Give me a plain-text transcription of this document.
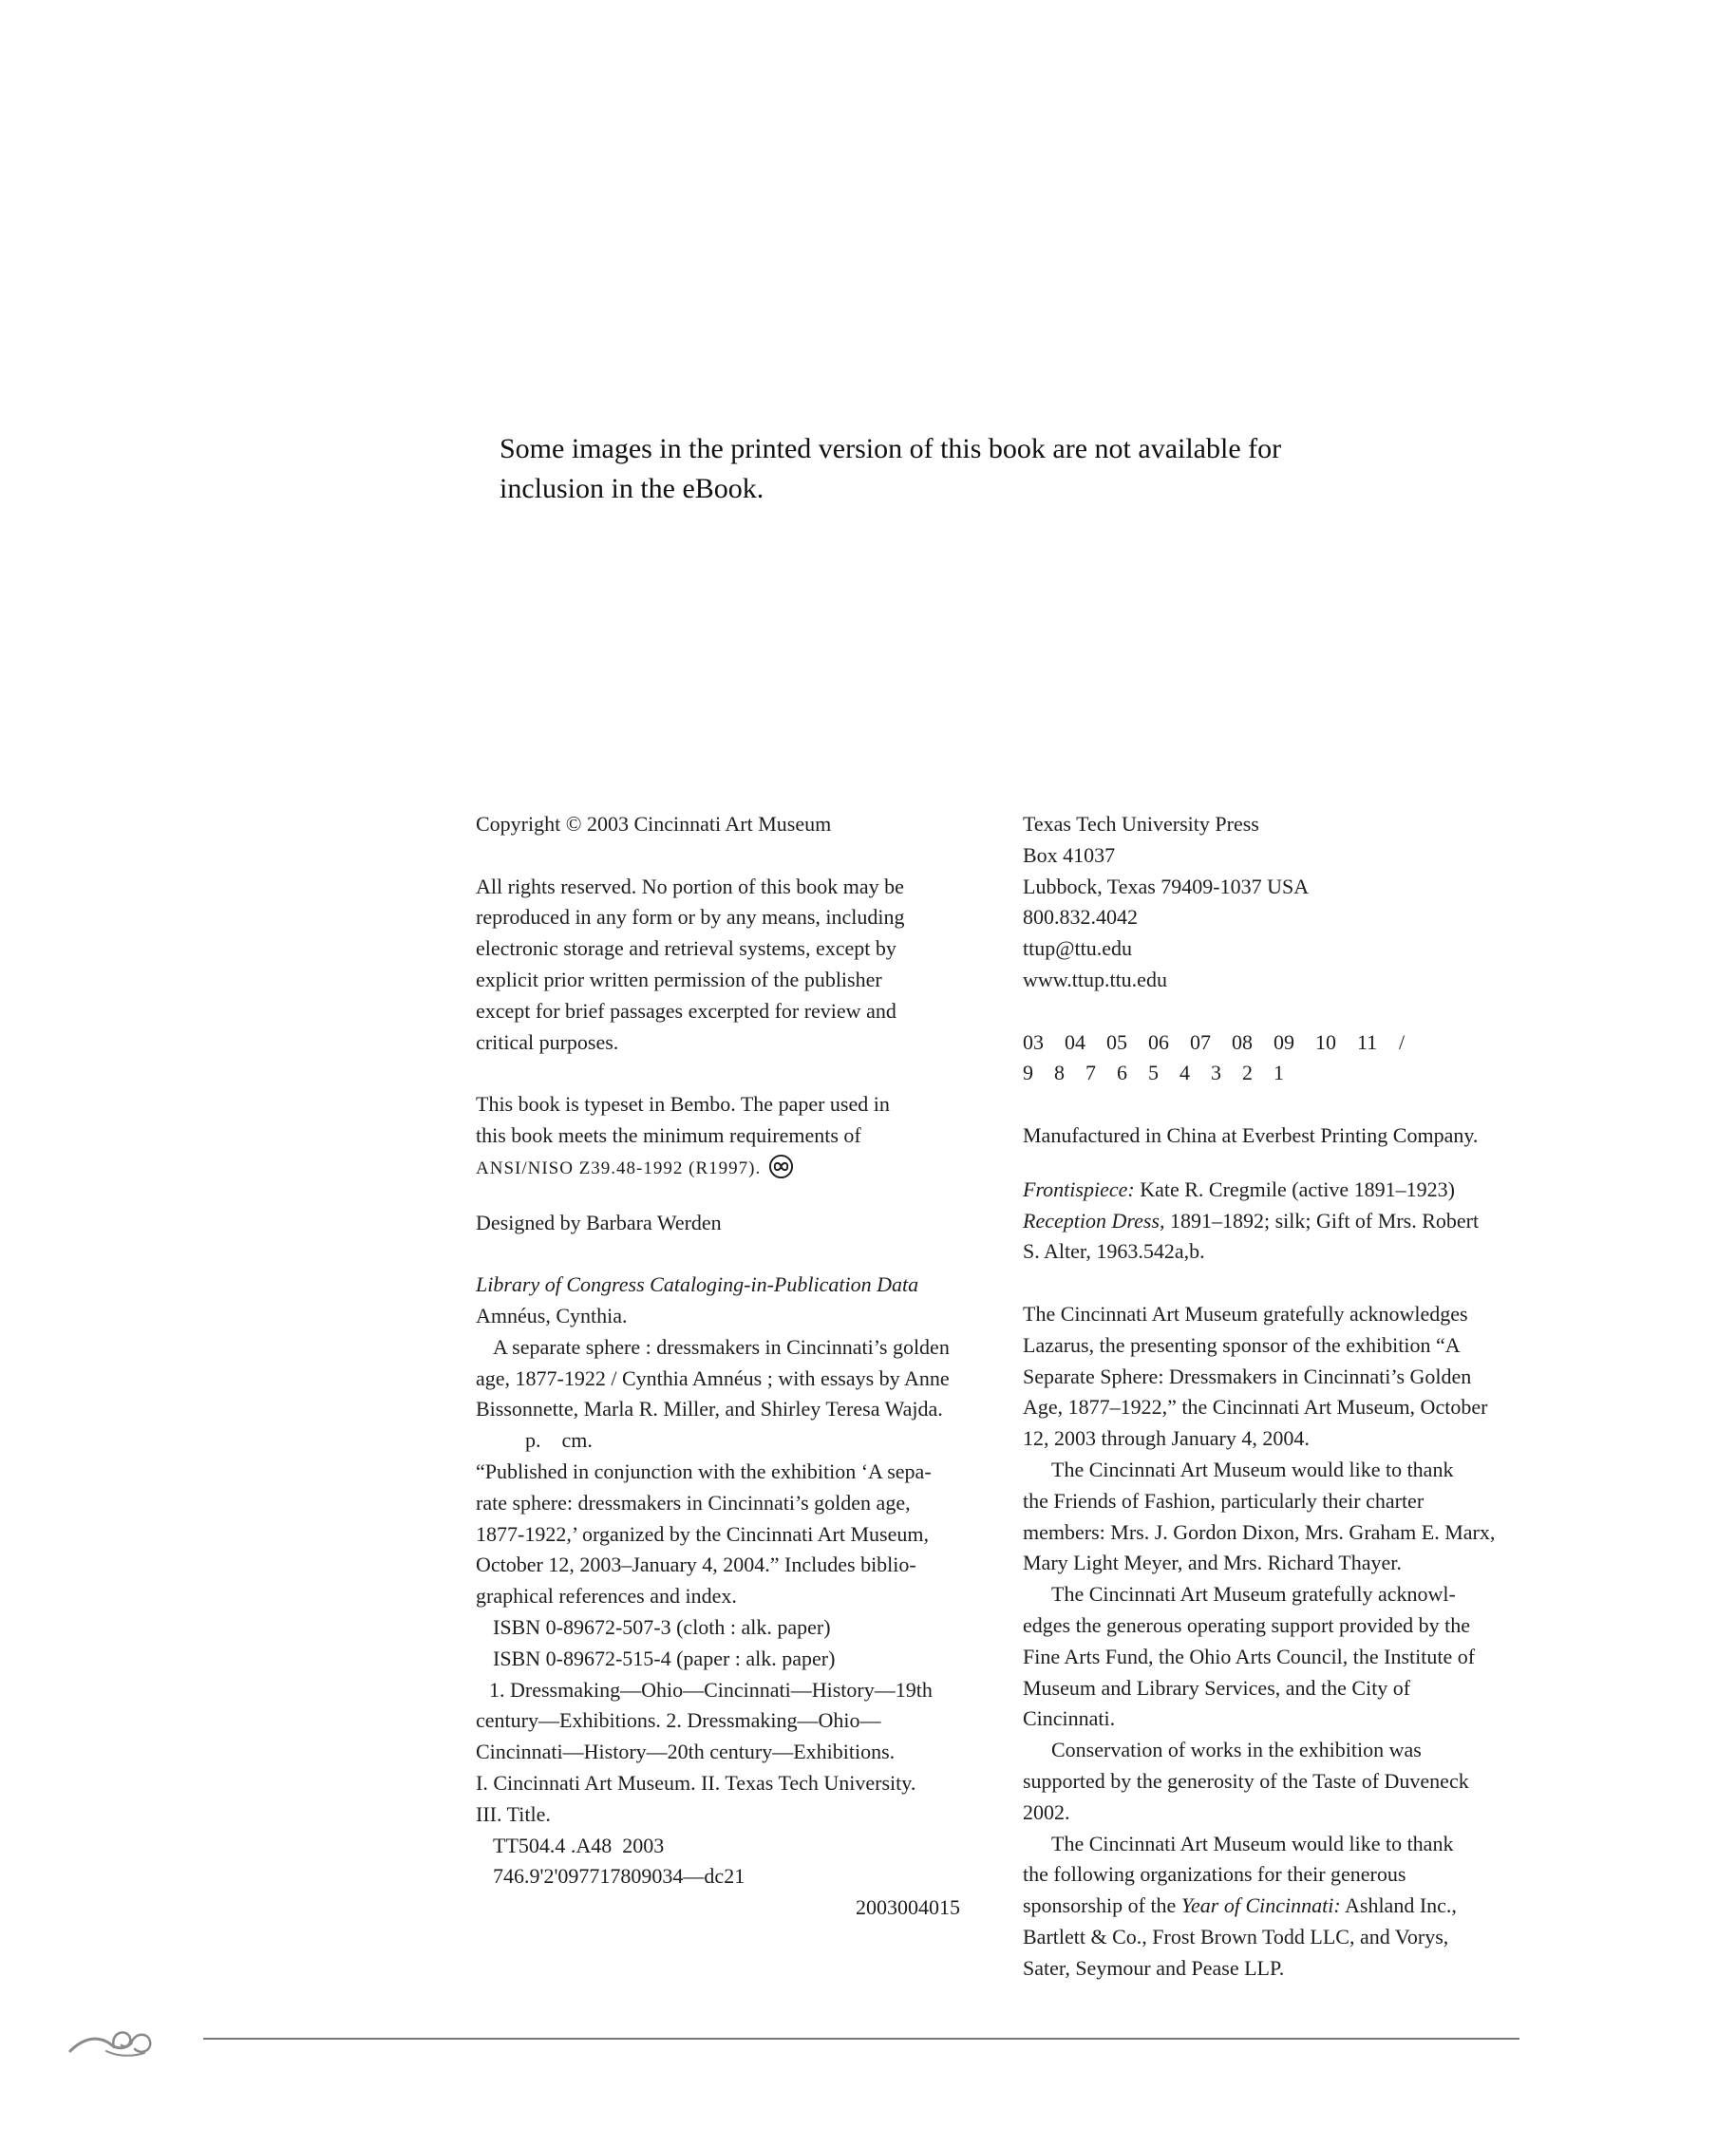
Some images in the printed version of this book are not available for
inclusion in the eBook.
Copyright © 2003 Cincinnati Art Museum
All rights reserved. No portion of this book may be
reproduced in any form or by any means, including
electronic storage and retrieval systems, except by
explicit prior written permission of the publisher
except for brief passages excerpted for review and
critical purposes.
This book is typeset in Bembo. The paper used in
this book meets the minimum requirements of
ANSI/NISO Z39.48-1992 (R1997).
Designed by Barbara Werden
Library of Congress Cataloging-in-Publication Data
Amnéus, Cynthia.
A separate sphere : dressmakers in Cincinnati’s golden
age, 1877-1922 / Cynthia Amnéus ; with essays by Anne
Bissonnette, Marla R. Miller, and Shirley Teresa Wajda.
p.    cm.
“Published in conjunction with the exhibition ‘A sepa-
rate sphere: dressmakers in Cincinnati’s golden age,
1877-1922,’ organized by the Cincinnati Art Museum,
October 12, 2003–January 4, 2004.” Includes biblio-
graphical references and index.
ISBN 0-89672-507-3 (cloth : alk. paper)
ISBN 0-89672-515-4 (paper : alk. paper)
1. Dressmaking—Ohio—Cincinnati—History—19th
century—Exhibitions. 2. Dressmaking—Ohio—
Cincinnati—History—20th century—Exhibitions.
I. Cincinnati Art Museum. II. Texas Tech University.
III. Title.
TT504.4 .A48  2003
746.9'2'097717809034—dc21
2003004015
Texas Tech University Press
Box 41037
Lubbock, Texas 79409-1037 USA
800.832.4042
ttup@ttu.edu
www.ttup.ttu.edu
03 04 05 06 07 08 09 10 11 /
9 8 7 6 5 4 3 2 1
Manufactured in China at Everbest Printing Company.
Frontispiece: Kate R. Cregmile (active 1891–1923)
Reception Dress, 1891–1892; silk; Gift of Mrs. Robert
S. Alter, 1963.542a,b.
The Cincinnati Art Museum gratefully acknowledges
Lazarus, the presenting sponsor of the exhibition “A
Separate Sphere: Dressmakers in Cincinnati’s Golden
Age, 1877–1922,” the Cincinnati Art Museum, October
12, 2003 through January 4, 2004.
The Cincinnati Art Museum would like to thank
the Friends of Fashion, particularly their charter
members: Mrs. J. Gordon Dixon, Mrs. Graham E. Marx,
Mary Light Meyer, and Mrs. Richard Thayer.
The Cincinnati Art Museum gratefully acknowl-
edges the generous operating support provided by the
Fine Arts Fund, the Ohio Arts Council, the Institute of
Museum and Library Services, and the City of
Cincinnati.
Conservation of works in the exhibition was
supported by the generosity of the Taste of Duveneck
2002.
The Cincinnati Art Museum would like to thank
the following organizations for their generous
sponsorship of the Year of Cincinnati: Ashland Inc.,
Bartlett & Co., Frost Brown Todd LLC, and Vorys,
Sater, Seymour and Pease LLP.
